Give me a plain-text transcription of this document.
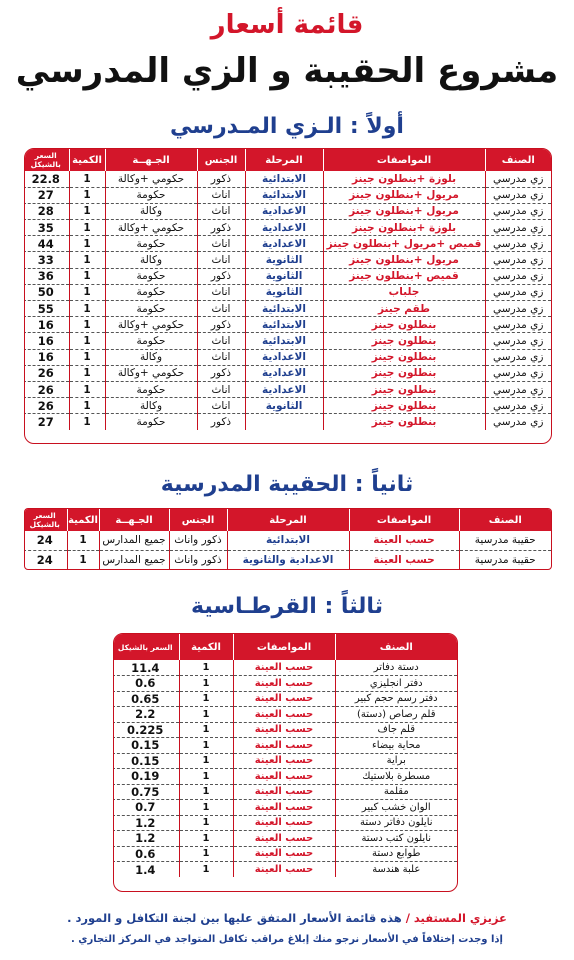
قائمة أسعار
مشروع الحقيبة و الزي المدرسي
أولاً : الـزي المـدرسي
الصنف	المواصفات	المرحلة	الجنس	الجـهــة	الكمية	السعر بالشيكل
زي مدرسي	بلوزة +بنطلون جينز	الابتدائية	ذكور	حكومي +وكالة	1	22.8
زي مدرسي	مريول +بنطلون جينز	الابتدائية	اناث	حكومة	1	27
زي مدرسي	مريول +بنطلون جينز	الاعدادية	اناث	وكالة	1	28
زي مدرسي	بلوزة +بنطلون جينز	الاعدادية	ذكور	حكومي +وكالة	1	35
زي مدرسي	قميص +مريول +بنطلون جينز	الاعدادية	اناث	حكومة	1	44
زي مدرسي	مريول +بنطلون جينز	الثانوية	اناث	وكالة	1	33
زي مدرسي	قميص +بنطلون جينز	الثانوية	ذكور	حكومة	1	36
زي مدرسي	جلباب	الثانوية	اناث	حكومة	1	50
زي مدرسي	طقم جينز	الابتدائية	اناث	حكومة	1	55
زي مدرسي	بنطلون جينز	الابتدائية	ذكور	حكومي +وكالة	1	16
زي مدرسي	بنطلون جينز	الابتدائية	اناث	حكومة	1	16
زي مدرسي	بنطلون جينز	الاعدادية	اناث	وكالة	1	16
زي مدرسي	بنطلون جينز	الاعدادية	ذكور	حكومي +وكالة	1	26
زي مدرسي	بنطلون جينز	الاعدادية	اناث	حكومة	1	26
زي مدرسي	بنطلون جينز	الثانوية	اناث	وكالة	1	26
زي مدرسي	بنطلون جينز		ذكور	حكومة	1	27
ثانياً : الحقيبة المدرسية
الصنف	المواصفات	المرحلة	الجنس	الجـهــة	الكمية	السعر بالشيكل
حقيبة مدرسية	حسب العينة	الابتدائية	ذكور واناث	جميع المدارس	1	24
حقيبة مدرسية	حسب العينة	الاعدادية والثانوية	ذكور واناث	جميع المدارس	1	24
ثالثاً : القرطـاسية
الصنف	المواصفات	الكمية	السعر بالشيكل
دستة دفاتر	حسب العينة	1	11.4
دفتر انجليزي	حسب العينة	1	0.6
دفتر رسم حجم كبير	حسب العينة	1	0.65
قلم رصاص (دستة)	حسب العينة	1	2.2
قلم جاف	حسب العينة	1	0.225
محاية بيضاء	حسب العينة	1	0.15
براية	حسب العينة	1	0.15
مسطرة بلاستيك	حسب العينة	1	0.19
مقلمة	حسب العينة	1	0.75
الوان خشب كبير	حسب العينة	1	0.7
نايلون دفاتر دستة	حسب العينة	1	1.2
نايلون كتب دستة	حسب العينة	1	1.2
طوابع دستة	حسب العينة	1	0.6
علبة هندسة	حسب العينة	1	1.4
عزيزي المستفيد / هذه قائمة الأسعار المتفق عليها بين لجنة التكافل و المورد .
إذا وجدت إختلافاً في الأسعار نرجو منك إبلاغ مراقب تكافل المتواجد في المركز التجاري .
